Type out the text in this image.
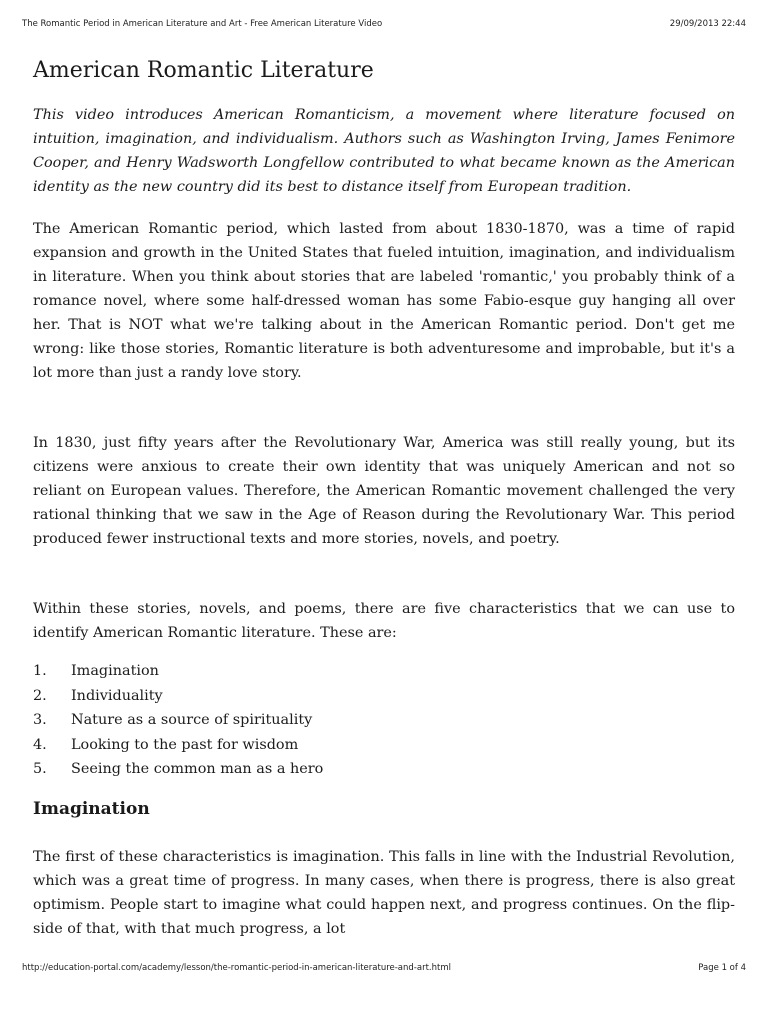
The Romantic Period in American Literature and Art - Free American Literature Video	29/09/2013 22:44
American Romantic Literature

This video introduces American Romanticism, a movement where literature focused on intuition, imagination, and individualism. Authors such as Washington Irving, James Fenimore Cooper, and Henry Wadsworth Longfellow contributed to what became known as the American identity as the new country did its best to distance itself from European tradition.

The American Romantic period, which lasted from about 1830-1870, was a time of rapid expansion and growth in the United States that fueled intuition, imagination, and individualism in literature. When you think about stories that are labeled 'romantic,' you probably think of a romance novel, where some half-dressed woman has some Fabio-esque guy hanging all over her. That is NOT what we're talking about in the American Romantic period. Don't get me wrong: like those stories, Romantic literature is both adventuresome and improbable, but it's a lot more than just a randy love story.

In 1830, just fifty years after the Revolutionary War, America was still really young, but its citizens were anxious to create their own identity that was uniquely American and not so reliant on European values. Therefore, the American Romantic movement challenged the very rational thinking that we saw in the Age of Reason during the Revolutionary War. This period produced fewer instructional texts and more stories, novels, and poetry.

Within these stories, novels, and poems, there are five characteristics that we can use to identify American Romantic literature. These are:

1. Imagination
2. Individuality
3. Nature as a source of spirituality
4. Looking to the past for wisdom
5. Seeing the common man as a hero
Imagination

The first of these characteristics is imagination. This falls in line with the Industrial Revolution, which was a great time of progress. In many cases, when there is progress, there is also great optimism. People start to imagine what could happen next, and progress continues. On the flip-side of that, with that much progress, a lot

http://education-portal.com/academy/lesson/the-romantic-period-in-american-literature-and-art.html	Page 1 of 4
